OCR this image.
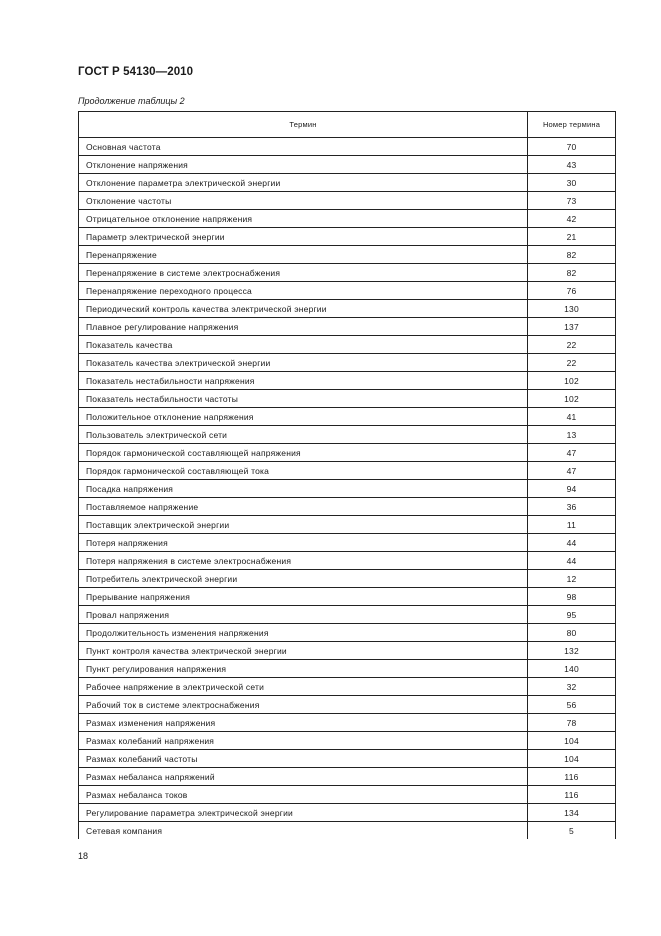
ГОСТ Р 54130—2010
Продолжение таблицы 2
Термин	Номер термина
Основная частота	70
Отклонение напряжения	43
Отклонение параметра электрической энергии	30
Отклонение частоты	73
Отрицательное отклонение напряжения	42
Параметр электрической энергии	21
Перенапряжение	82
Перенапряжение в системе электроснабжения	82
Перенапряжение переходного процесса	76
Периодический контроль качества электрической энергии	130
Плавное регулирование напряжения	137
Показатель качества	22
Показатель качества электрической энергии	22
Показатель нестабильности напряжения	102
Показатель нестабильности частоты	102
Положительное отклонение напряжения	41
Пользователь электрической сети	13
Порядок гармонической составляющей напряжения	47
Порядок гармонической составляющей тока	47
Посадка напряжения	94
Поставляемое напряжение	36
Поставщик электрической энергии	11
Потеря напряжения	44
Потеря напряжения в системе электроснабжения	44
Потребитель электрической энергии	12
Прерывание напряжения	98
Провал напряжения	95
Продолжительность изменения напряжения	80
Пункт контроля качества электрической энергии	132
Пункт регулирования напряжения	140
Рабочее напряжение в электрической сети	32
Рабочий ток в системе электроснабжения	56
Размах изменения напряжения	78
Размах колебаний напряжения	104
Размах колебаний частоты	104
Размах небаланса напряжений	116
Размах небаланса токов	116
Регулирование параметра электрической энергии	134
Сетевая компания	5
18
